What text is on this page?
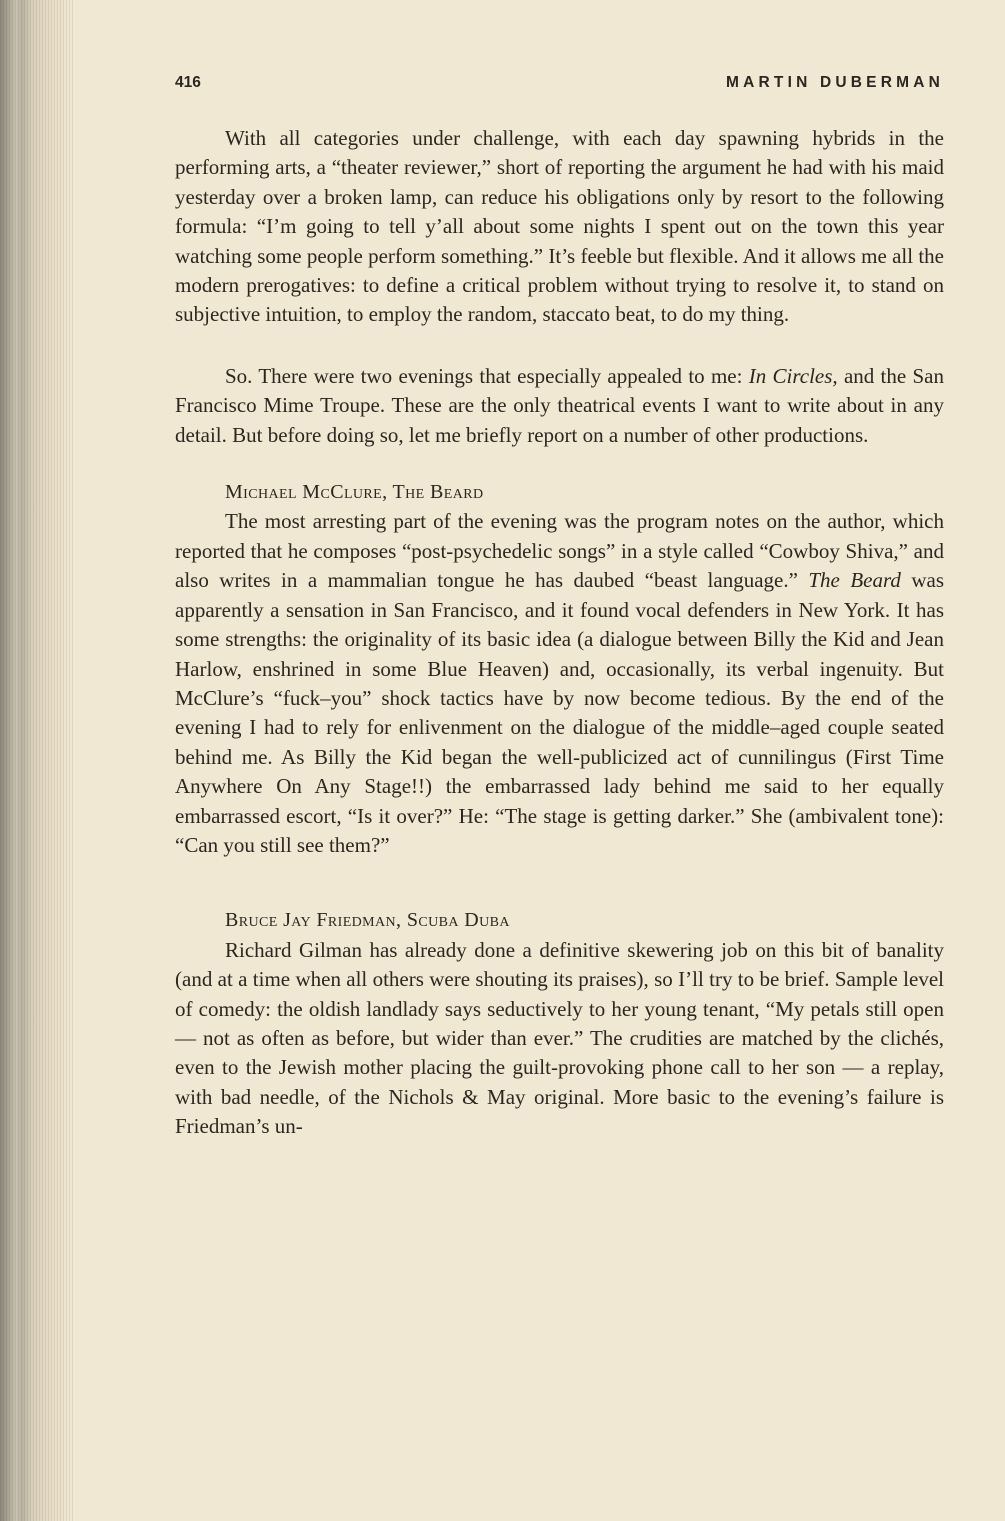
416	MARTIN DUBERMAN

With all categories under challenge, with each day spawning hybrids in the performing arts, a “theater reviewer,” short of reporting the argument he had with his maid yesterday over a broken lamp, can reduce his obligations only by resort to the following formula: “I’m going to tell y’all about some nights I spent out on the town this year watching some people perform something.” It’s feeble but flexible. And it allows me all the modern prerogatives: to define a critical problem without trying to resolve it, to stand on subjective intuition, to employ the random, staccato beat, to do my thing.

So. There were two evenings that especially appealed to me: In Circles, and the San Francisco Mime Troupe. These are the only theatrical events I want to write about in any detail. But before doing so, let me briefly report on a number of other productions.

Michael McClure, The Beard

The most arresting part of the evening was the program notes on the author, which reported that he composes “post-psychedelic songs” in a style called “Cowboy Shiva,” and also writes in a mammalian tongue he has daubed “beast language.” The Beard was apparently a sensation in San Francisco, and it found vocal defenders in New York. It has some strengths: the originality of its basic idea (a dialogue between Billy the Kid and Jean Harlow, enshrined in some Blue Heaven) and, occasionally, its verbal ingenuity. But McClure’s “fuck–you” shock tactics have by now become tedious. By the end of the evening I had to rely for enlivenment on the dialogue of the middle–aged couple seated behind me. As Billy the Kid began the well-publicized act of cunnilingus (First Time Anywhere On Any Stage!!) the embarrassed lady behind me said to her equally embarrassed escort, “Is it over?” He: “The stage is getting darker.” She (ambivalent tone): “Can you still see them?”

Bruce Jay Friedman, Scuba Duba

Richard Gilman has already done a definitive skewering job on this bit of banality (and at a time when all others were shouting its praises), so I’ll try to be brief. Sample level of comedy: the oldish landlady says seductively to her young tenant, “My petals still open — not as often as before, but wider than ever.” The crudities are matched by the clichés, even to the Jewish mother placing the guilt-provoking phone call to her son — a replay, with bad needle, of the Nichols & May original. More basic to the evening’s failure is Friedman’s un-
